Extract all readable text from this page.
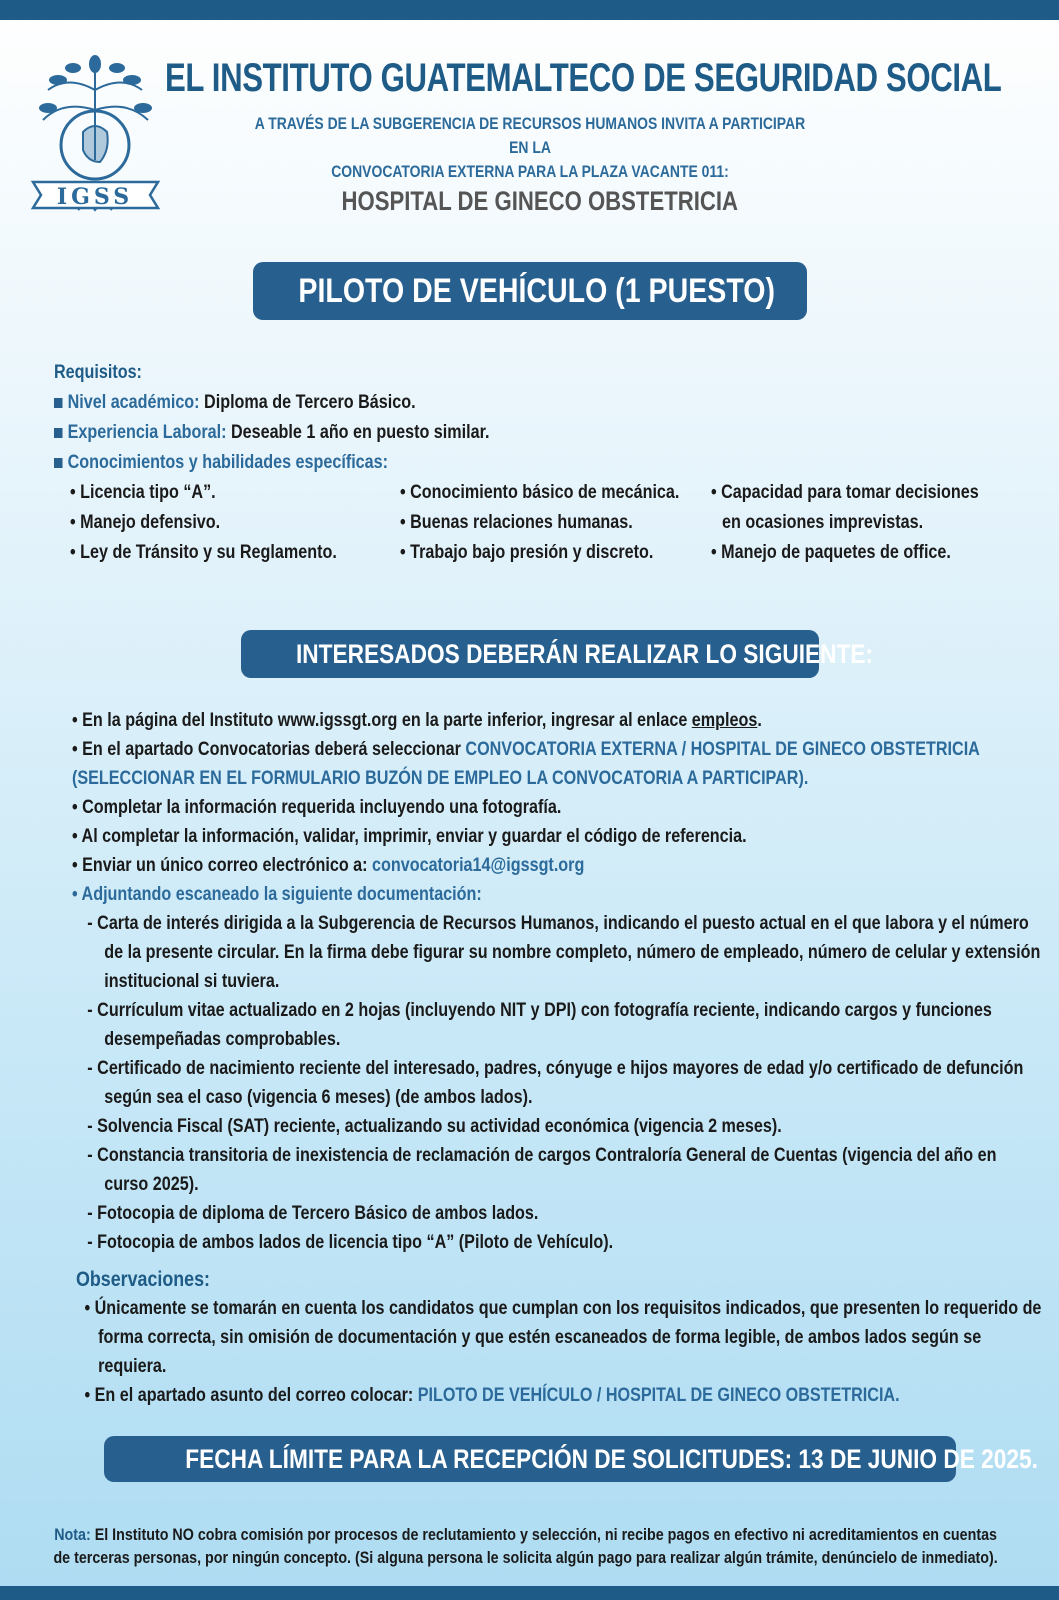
IGSS
EL INSTITUTO GUATEMALTECO DE SEGURIDAD SOCIAL
A TRAVÉS DE LA SUBGERENCIA DE RECURSOS HUMANOS INVITA A PARTICIPAR EN LA
CONVOCATORIA EXTERNA PARA LA PLAZA VACANTE 011:
HOSPITAL DE GINECO OBSTETRICIA
PILOTO DE VEHÍCULO (1 PUESTO)
Requisitos:
Nivel académico: Diploma de Tercero Básico.
Experiencia Laboral: Deseable 1 año en puesto similar.
Conocimientos y habilidades específicas:
• Licencia tipo “A”.
• Manejo defensivo.
• Ley de Tránsito y su Reglamento.
• Conocimiento básico de mecánica.
• Buenas relaciones humanas.
• Trabajo bajo presión y discreto.
• Capacidad para tomar decisiones
en ocasiones imprevistas.
• Manejo de paquetes de office.
INTERESADOS DEBERÁN REALIZAR LO SIGUIENTE:

• En la página del Instituto www.igssgt.org en la parte inferior, ingresar al enlace empleos.

• En el apartado Convocatorias deberá seleccionar CONVOCATORIA EXTERNA / HOSPITAL DE GINECO OBSTETRICIA (SELECCIONAR EN EL FORMULARIO BUZÓN DE EMPLEO LA CONVOCATORIA A PARTICIPAR).

• Completar la información requerida incluyendo una fotografía.

• Al completar la información, validar, imprimir, enviar y guardar el código de referencia.

• Enviar un único correo electrónico a: convocatoria14@igssgt.org

• Adjuntando escaneado la siguiente documentación:

- Carta de interés dirigida a la Subgerencia de Recursos Humanos, indicando el puesto actual en el que labora y el número de la presente circular. En la firma debe figurar su nombre completo, número de empleado, número de celular y extensión institucional si tuviera.

- Currículum vitae actualizado en 2 hojas (incluyendo NIT y DPI) con fotografía reciente, indicando cargos y funciones desempeñadas comprobables.

- Certificado de nacimiento reciente del interesado, padres, cónyuge e hijos mayores de edad y/o certificado de defunción según sea el caso (vigencia 6 meses) (de ambos lados).

- Solvencia Fiscal (SAT) reciente, actualizando su actividad económica (vigencia 2 meses).

- Constancia transitoria de inexistencia de reclamación de cargos Contraloría General de Cuentas (vigencia del año en curso 2025).

- Fotocopia de diploma de Tercero Básico de ambos lados.

- Fotocopia de ambos lados de licencia tipo “A” (Piloto de Vehículo).

Observaciones:

• Únicamente se tomarán en cuenta los candidatos que cumplan con los requisitos indicados, que presenten lo requerido de forma correcta, sin omisión de documentación y que estén escaneados de forma legible, de ambos lados según se requiera.

• En el apartado asunto del correo colocar: PILOTO DE VEHÍCULO / HOSPITAL DE GINECO OBSTETRICIA.

FECHA LÍMITE PARA LA RECEPCIÓN DE SOLICITUDES: 13 DE JUNIO DE 2025.

Nota: El Instituto NO cobra comisión por procesos de reclutamiento y selección, ni recibe pagos en efectivo ni acreditamientos en cuentas

de terceras personas, por ningún concepto. (Si alguna persona le solicita algún pago para realizar algún trámite, denúncielo de inmediato).
